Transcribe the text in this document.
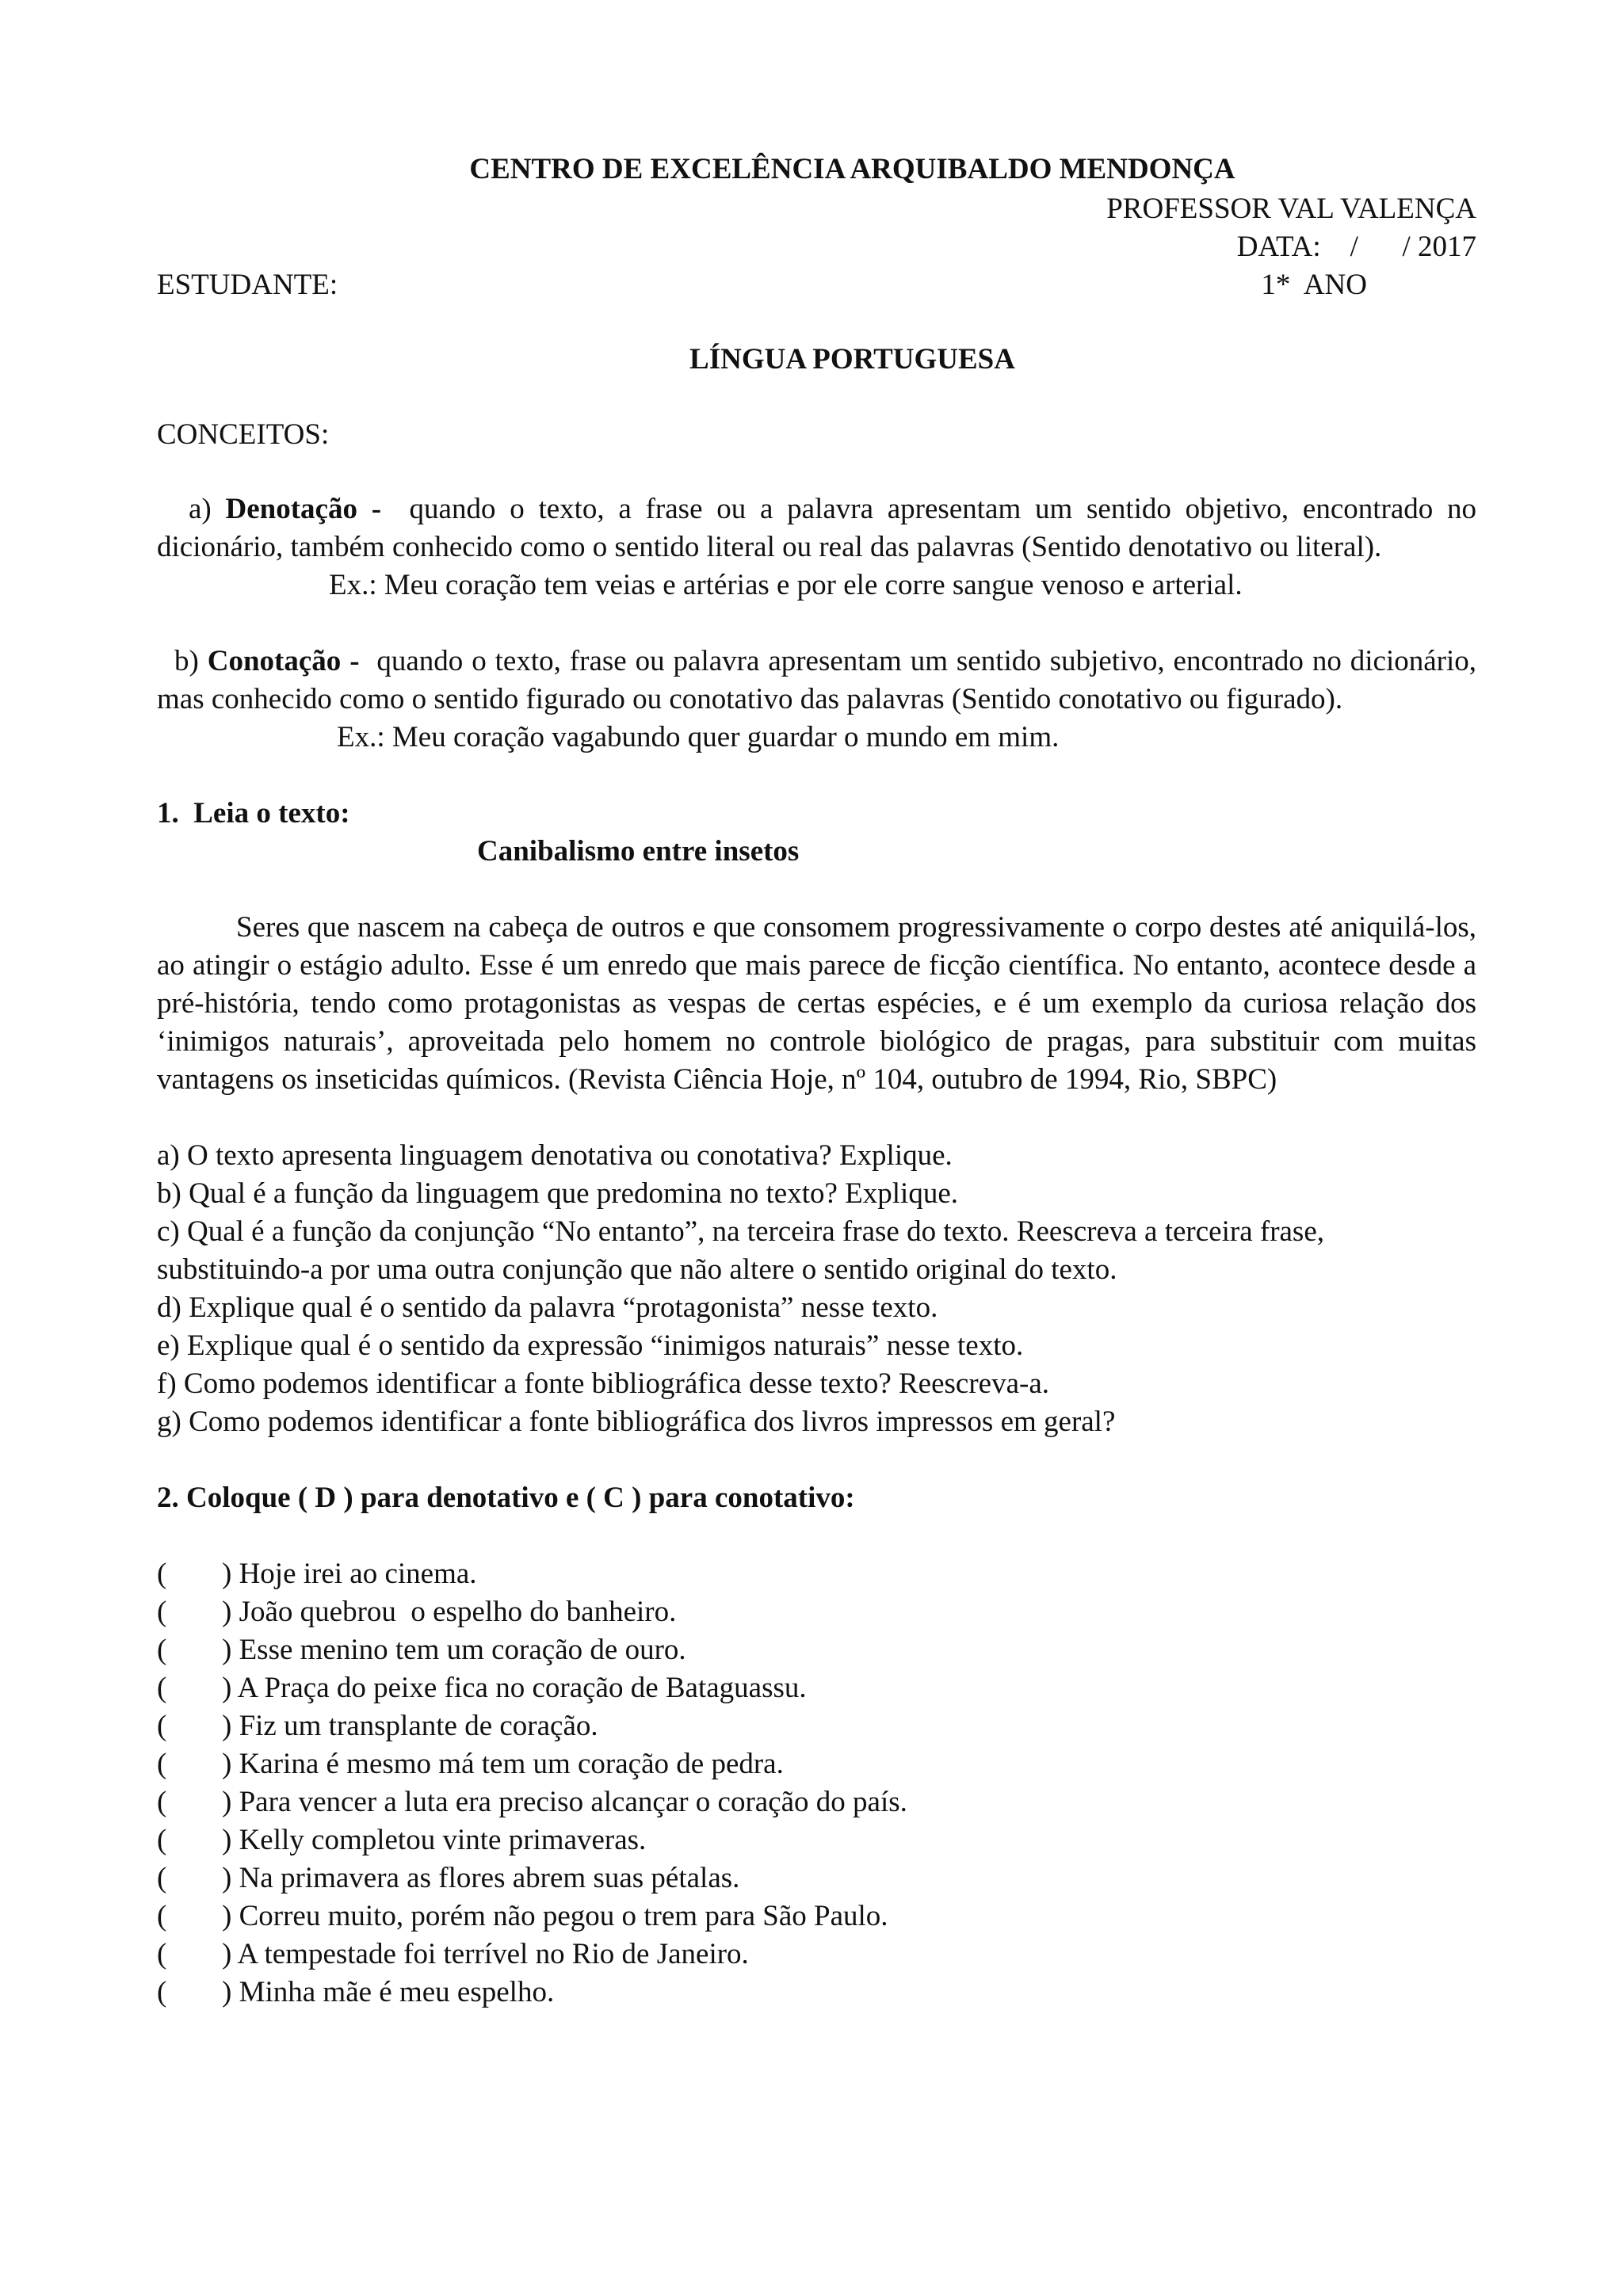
CENTRO DE EXCELÊNCIA ARQUIBALDO MENDONÇA
PROFESSOR VAL VALENÇA
DATA:    /      / 2017
ESTUDANTE:	1*  ANO
LÍNGUA PORTUGUESA
CONCEITOS:
a) Denotação -  quando o texto, a frase ou a palavra apresentam um sentido objetivo, encontrado no dicionário, também conhecido como o sentido literal ou real das palavras (Sentido denotativo ou literal).
Ex.: Meu coração tem veias e artérias e por ele corre sangue venoso e arterial.
b) Conotação -  quando o texto, frase ou palavra apresentam um sentido subjetivo, encontrado no dicionário, mas conhecido como o sentido figurado ou conotativo das palavras (Sentido conotativo ou figurado).
Ex.: Meu coração vagabundo quer guardar o mundo em mim.
1.  Leia o texto:
Canibalismo entre insetos
Seres que nascem na cabeça de outros e que consomem progressivamente o corpo destes até aniquilá-los, ao atingir o estágio adulto. Esse é um enredo que mais parece de ficção científica. No entanto, acontece desde a pré-história, tendo como protagonistas as vespas de certas espécies, e é um exemplo da curiosa relação dos ‘inimigos naturais’, aproveitada pelo homem no controle biológico de pragas, para substituir com muitas vantagens os inseticidas químicos. (Revista Ciência Hoje, nº 104, outubro de 1994, Rio, SBPC)
a) O texto apresenta linguagem denotativa ou conotativa? Explique.
b) Qual é a função da linguagem que predomina no texto? Explique.
c) Qual é a função da conjunção “No entanto”, na terceira frase do texto. Reescreva a terceira frase, substituindo-a por uma outra conjunção que não altere o sentido original do texto.
d) Explique qual é o sentido da palavra “protagonista” nesse texto.
e) Explique qual é o sentido da expressão “inimigos naturais” nesse texto.
f) Como podemos identificar a fonte bibliográfica desse texto? Reescreva-a.
g) Como podemos identificar a fonte bibliográfica dos livros impressos em geral?
2. Coloque ( D ) para denotativo e ( C ) para conotativo:
(	) Hoje irei ao cinema.
(	) João quebrou  o espelho do banheiro.
(	) Esse menino tem um coração de ouro.
(	) A Praça do peixe fica no coração de Bataguassu.
(	) Fiz um transplante de coração.
(	) Karina é mesmo má tem um coração de pedra.
(	) Para vencer a luta era preciso alcançar o coração do país.
(	) Kelly completou vinte primaveras.
(	) Na primavera as flores abrem suas pétalas.
(	) Correu muito, porém não pegou o trem para São Paulo.
(	) A tempestade foi terrível no Rio de Janeiro.
(	) Minha mãe é meu espelho.
